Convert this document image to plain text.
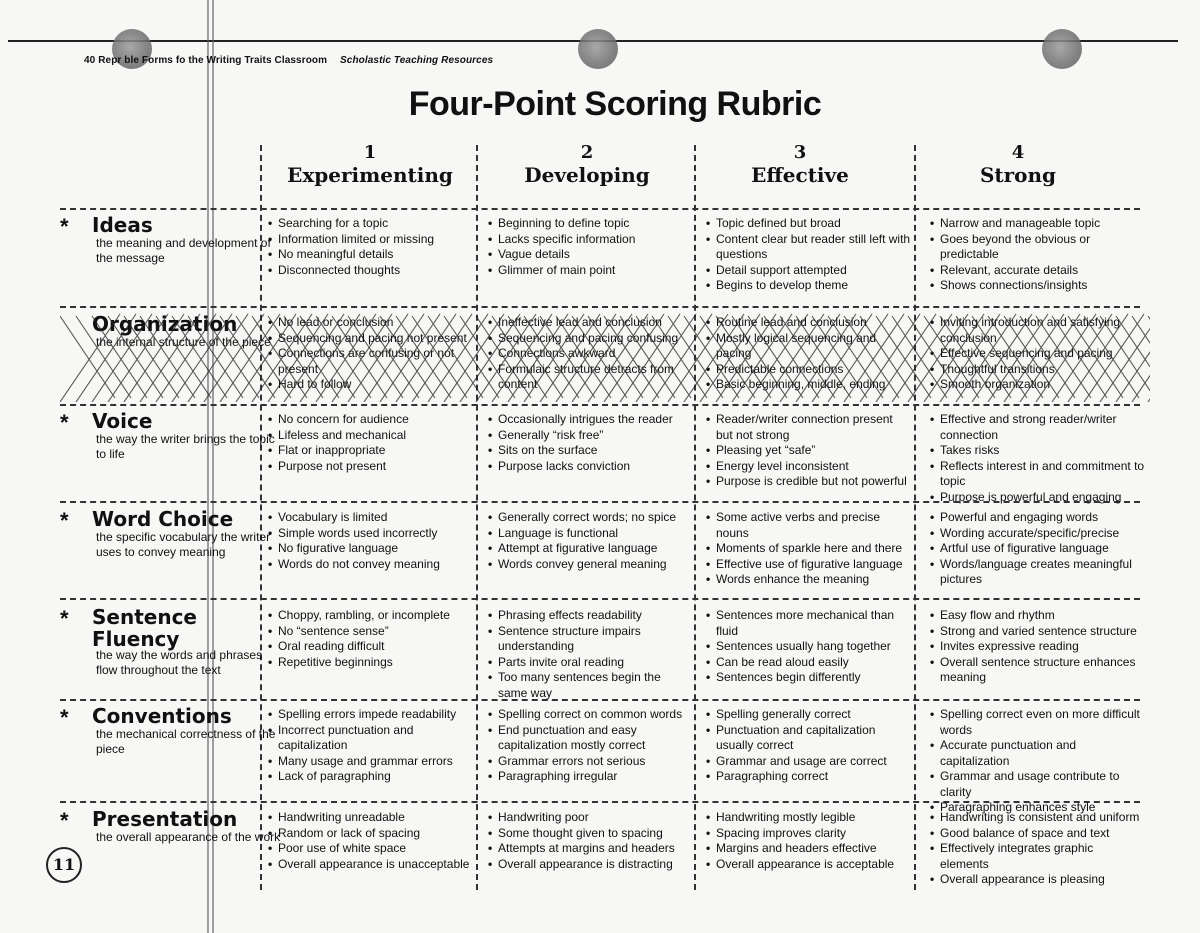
40 Repr ble Forms fo the Writing Traits Classroom Scholastic Teaching Resources
Four-Point Scoring Rubric
1
Experimenting
2
Developing
3
Effective
4
Strong
* Ideas
the meaning and development of the message
• Searching for a topic
• Information limited or missing
• No meaningful details
• Disconnected thoughts
• Beginning to define topic
• Lacks specific information
• Vague details
• Glimmer of main point
• Topic defined but broad
• Content clear but reader still left with questions
• Detail support attempted
• Begins to develop theme
• Narrow and manageable topic
• Goes beyond the obvious or predictable
• Relevant, accurate details
• Shows connections/insights
Organization
the internal structure of the piece
• No lead or conclusion
• Sequencing and pacing not present
• Connections are confusing or not present
• Hard to follow
• Ineffective lead and conclusion
• Sequencing and pacing confusing
• Connections awkward
• Formulaic structure detracts from content
• Routine lead and conclusion
• Mostly logical sequencing and pacing
• Predictable connections
• Basic beginning, middle, ending
• Inviting introduction and satisfying conclusion
• Effective sequencing and pacing
• Thoughtful transitions
• Smooth organization
* Voice
the way the writer brings the topic to life
• No concern for audience
• Lifeless and mechanical
• Flat or inappropriate
• Purpose not present
• Occasionally intrigues the reader
• Generally “risk free”
• Sits on the surface
• Purpose lacks conviction
• Reader/writer connection present but not strong
• Pleasing yet “safe”
• Energy level inconsistent
• Purpose is credible but not powerful
• Effective and strong reader/writer connection
• Takes risks
• Reflects interest in and commitment to topic
• Purpose is powerful and engaging
* Word Choice
the specific vocabulary the writer uses to convey meaning
• Vocabulary is limited
• Simple words used incorrectly
• No figurative language
• Words do not convey meaning
• Generally correct words; no spice
• Language is functional
• Attempt at figurative language
• Words convey general meaning
• Some active verbs and precise nouns
• Moments of sparkle here and there
• Effective use of figurative language
• Words enhance the meaning
• Powerful and engaging words
• Wording accurate/specific/precise
• Artful use of figurative language
• Words/language creates meaningful pictures
* Sentence Fluency
the way the words and phrases flow throughout the text
• Choppy, rambling, or incomplete
• No “sentence sense”
• Oral reading difficult
• Repetitive beginnings
• Phrasing effects readability
• Sentence structure impairs understanding
• Parts invite oral reading
• Too many sentences begin the same way
• Sentences more mechanical than fluid
• Sentences usually hang together
• Can be read aloud easily
• Sentences begin differently
• Easy flow and rhythm
• Strong and varied sentence structure
• Invites expressive reading
• Overall sentence structure enhances meaning
* Conventions
the mechanical correctness of the piece
• Spelling errors impede readability
• Incorrect punctuation and capitalization
• Many usage and grammar errors
• Lack of paragraphing
• Spelling correct on common words
• End punctuation and easy capitalization mostly correct
• Grammar errors not serious
• Paragraphing irregular
• Spelling generally correct
• Punctuation and capitalization usually correct
• Grammar and usage are correct
• Paragraphing correct
• Spelling correct even on more difficult words
• Accurate punctuation and capitalization
• Grammar and usage contribute to clarity
• Paragraphing enhances style
* Presentation
the overall appearance of the work
• Handwriting unreadable
• Random or lack of spacing
• Poor use of white space
• Overall appearance is unacceptable
• Handwriting poor
• Some thought given to spacing
• Attempts at margins and headers
• Overall appearance is distracting
• Handwriting mostly legible
• Spacing improves clarity
• Margins and headers effective
• Overall appearance is acceptable
• Handwriting is consistent and uniform
• Good balance of space and text
• Effectively integrates graphic elements
• Overall appearance is pleasing
11
